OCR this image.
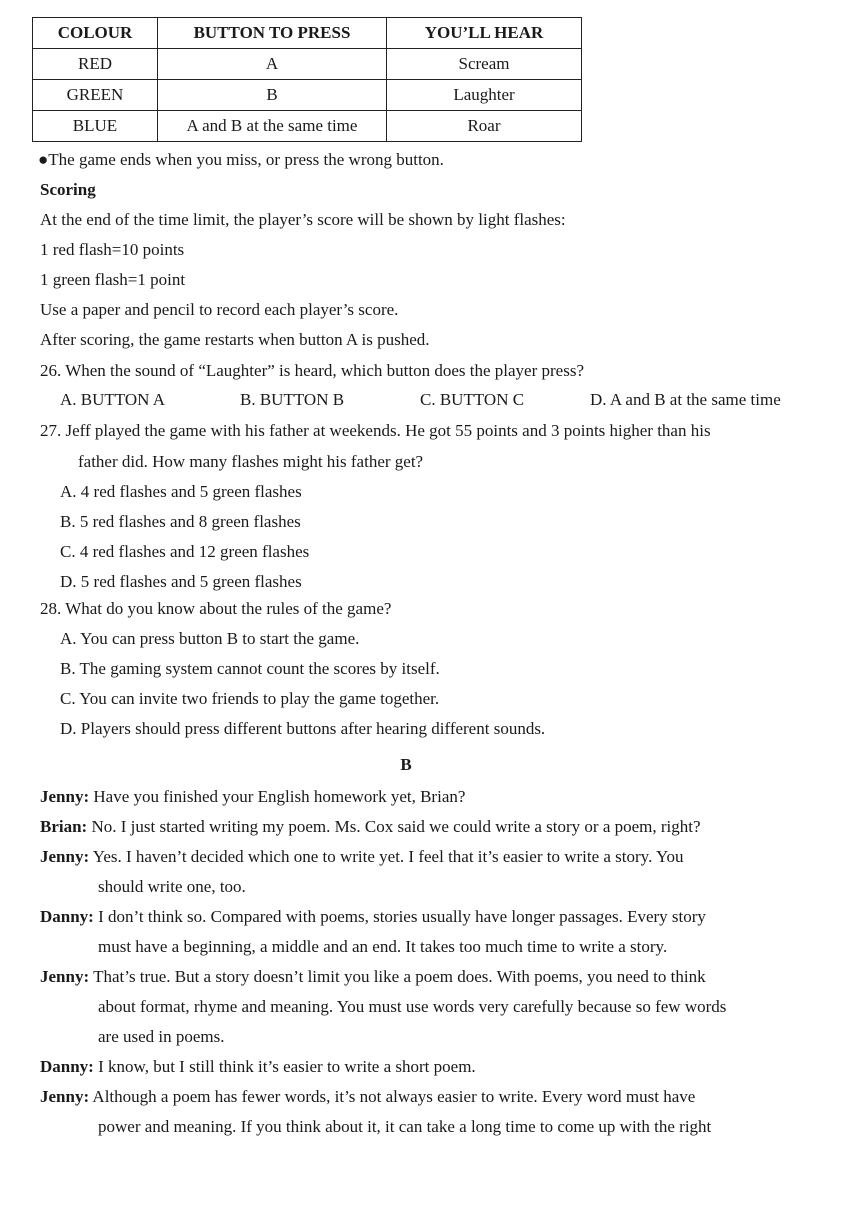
COLOUR	BUTTON TO PRESS	YOU’LL HEAR
RED	A	Scream
GREEN	B	Laughter
BLUE	A and B at the same time	Roar
●The game ends when you miss, or press the wrong button.
Scoring
At the end of the time limit, the player’s score will be shown by light flashes:
1 red flash=10 points
1 green flash=1 point
Use a paper and pencil to record each player’s score.
After scoring, the game restarts when button A is pushed.
26. When the sound of “Laughter” is heard, which button does the player press?
A. BUTTON A	B. BUTTON B	C. BUTTON C	D. A and B at the same time
27. Jeff played the game with his father at weekends. He got 55 points and 3 points higher than his
father did. How many flashes might his father get?
A. 4 red flashes and 5 green flashes
B. 5 red flashes and 8 green flashes
C. 4 red flashes and 12 green flashes
D. 5 red flashes and 5 green flashes
28. What do you know about the rules of the game?
A. You can press button B to start the game.
B. The gaming system cannot count the scores by itself.
C. You can invite two friends to play the game together.
D. Players should press different buttons after hearing different sounds.
B
Jenny: Have you finished your English homework yet, Brian?
Brian: No. I just started writing my poem. Ms. Cox said we could write a story or a poem, right?
Jenny: Yes. I haven’t decided which one to write yet. I feel that it’s easier to write a story. You
should write one, too.
Danny: I don’t think so. Compared with poems, stories usually have longer passages. Every story
must have a beginning, a middle and an end. It takes too much time to write a story.
Jenny: That’s true. But a story doesn’t limit you like a poem does. With poems, you need to think
about format, rhyme and meaning. You must use words very carefully because so few words
are used in poems.
Danny: I know, but I still think it’s easier to write a short poem.
Jenny: Although a poem has fewer words, it’s not always easier to write. Every word must have
power and meaning. If you think about it, it can take a long time to come up with the right
